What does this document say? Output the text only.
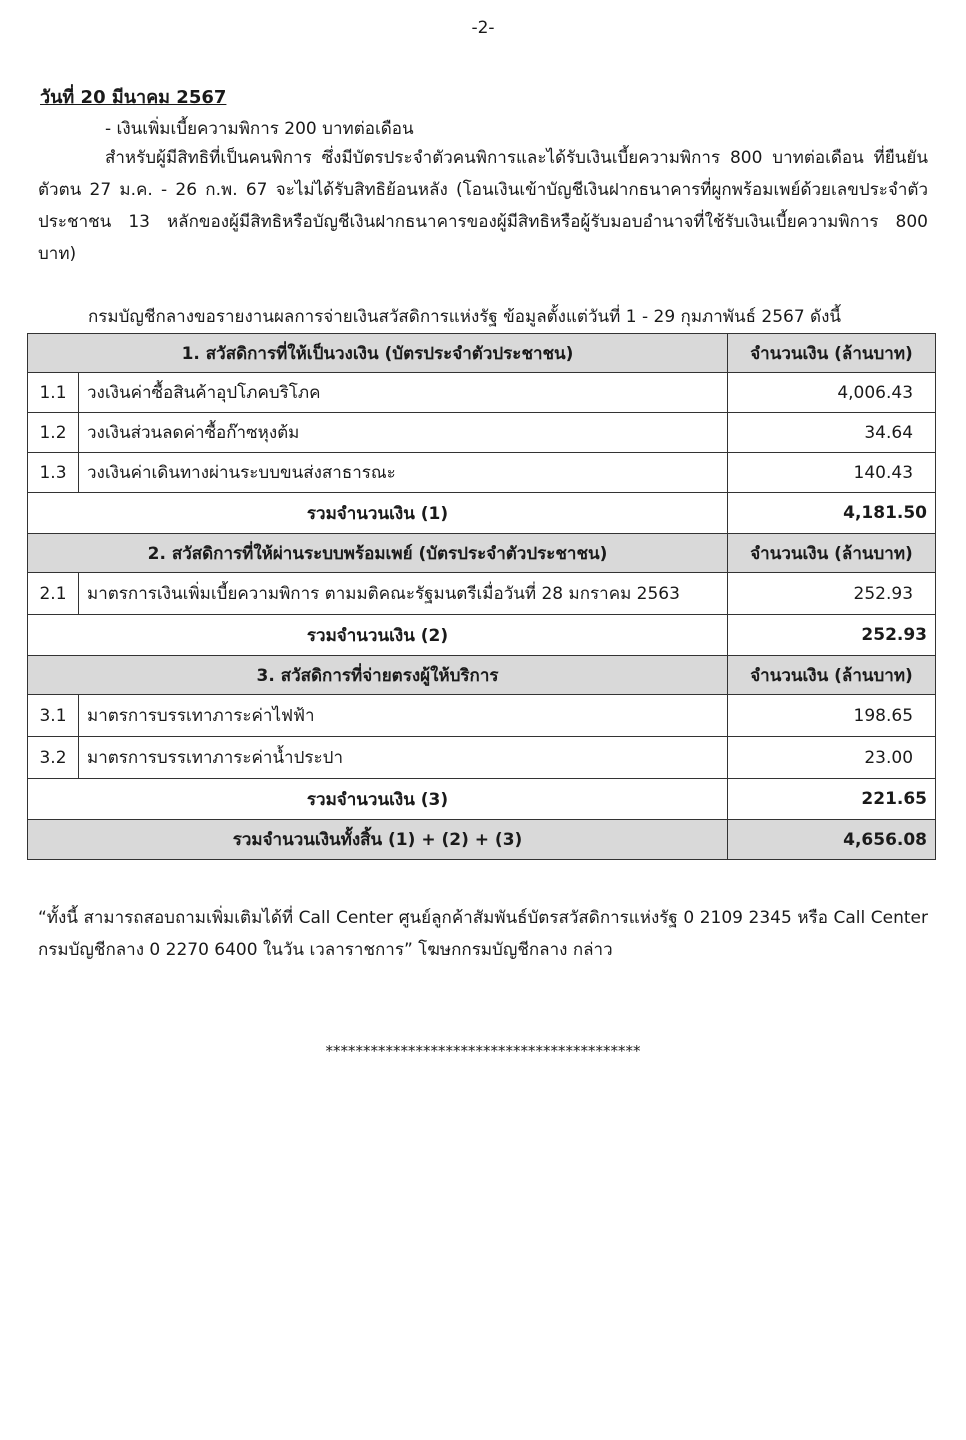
-2-
วันที่ 20 มีนาคม 2567
- เงินเพิ่มเบี้ยความพิการ 200 บาทต่อเดือน
สำหรับผู้มีสิทธิที่เป็นคนพิการ ซึ่งมีบัตรประจำตัวคนพิการและได้รับเงินเบี้ยความพิการ 800 บาทต่อเดือน ที่ยืนยันตัวตน 27 ม.ค. - 26 ก.พ. 67 จะไม่ได้รับสิทธิย้อนหลัง (โอนเงินเข้าบัญชีเงินฝากธนาคารที่ผูกพร้อมเพย์ด้วยเลขประจำตัวประชาชน 13 หลักของผู้มีสิทธิหรือบัญชีเงินฝากธนาคารของผู้มีสิทธิหรือผู้รับมอบอำนาจที่ใช้รับเงินเบี้ยความพิการ 800 บาท)
กรมบัญชีกลางขอรายงานผลการจ่ายเงินสวัสดิการแห่งรัฐ ข้อมูลตั้งแต่วันที่ 1 - 29 กุมภาพันธ์ 2567 ดังนี้
1. สวัสดิการที่ให้เป็นวงเงิน (บัตรประจำตัวประชาชน)		จำนวนเงิน (ล้านบาท)
1.1	วงเงินค่าซื้อสินค้าอุปโภคบริโภค	4,006.43
1.2	วงเงินส่วนลดค่าซื้อก๊าซหุงต้ม	34.64
1.3	วงเงินค่าเดินทางผ่านระบบขนส่งสาธารณะ	140.43
รวมจำนวนเงิน (1)		4,181.50
2. สวัสดิการที่ให้ผ่านระบบพร้อมเพย์ (บัตรประจำตัวประชาชน)		จำนวนเงิน (ล้านบาท)
2.1	มาตรการเงินเพิ่มเบี้ยความพิการ ตามมติคณะรัฐมนตรีเมื่อวันที่ 28 มกราคม 2563	252.93
รวมจำนวนเงิน (2)		252.93
3. สวัสดิการที่จ่ายตรงผู้ให้บริการ		จำนวนเงิน (ล้านบาท)
3.1	มาตรการบรรเทาภาระค่าไฟฟ้า	198.65
3.2	มาตรการบรรเทาภาระค่าน้ำประปา	23.00
รวมจำนวนเงิน (3)		221.65
รวมจำนวนเงินทั้งสิ้น (1) + (2) + (3)		4,656.08
“ทั้งนี้ สามารถสอบถามเพิ่มเติมได้ที่ Call Center ศูนย์ลูกค้าสัมพันธ์บัตรสวัสดิการแห่งรัฐ 0 2109 2345 หรือ Call Center กรมบัญชีกลาง 0 2270 6400 ในวัน เวลาราชการ” โฆษกกรมบัญชีกลาง กล่าว
******************************************
